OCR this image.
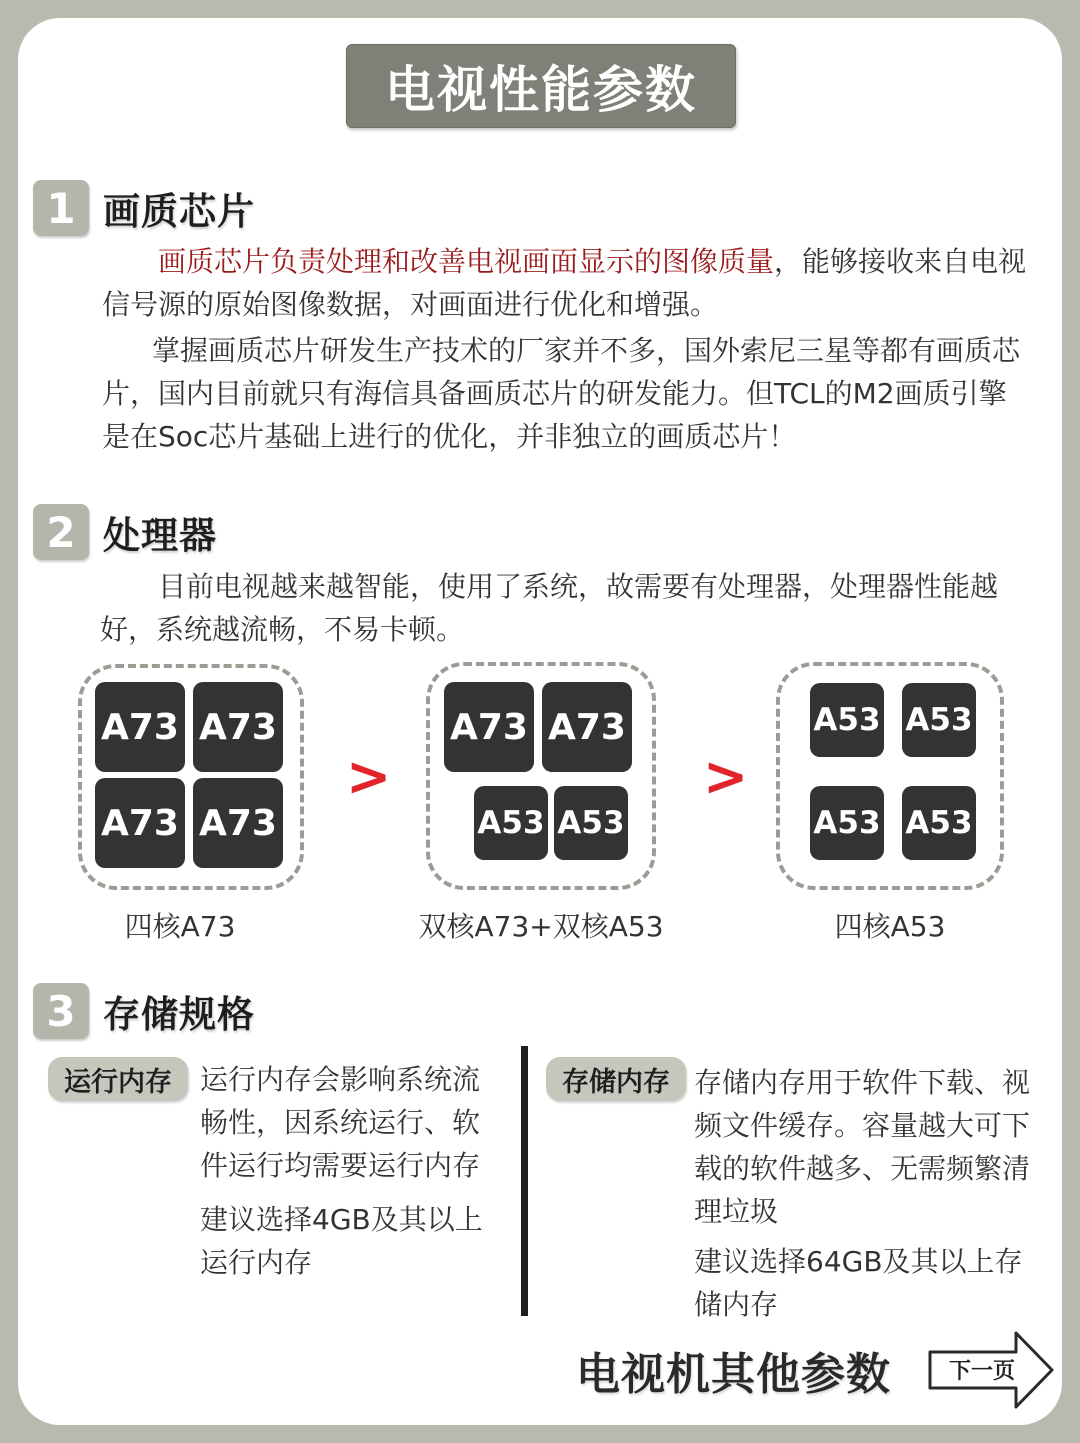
电视性能参数
1 画质芯片
画质芯片负责处理和改善电视画面显示的图像质量，能够接收来自电视信号源的原始图像数据，对画面进行优化和增强。
掌握画质芯片研发生产技术的厂家并不多，国外索尼三星等都有画质芯片，国内目前就只有海信具备画质芯片的研发能力。但TCL的M2画质引擎是在Soc芯片基础上进行的优化，并非独立的画质芯片！
2 处理器
目前电视越来越智能，使用了系统，故需要有处理器，处理器性能越好，系统越流畅，不易卡顿。
A73 A73
A73 A73
四核A73
>
A73 A73
A53 A53
双核A73+双核A53
>
A53 A53
A53 A53
四核A53
3 存储规格
运行内存	运行内存会影响系统流畅性，因系统运行、软件运行均需要运行内存
建议选择4GB及其以上运行内存
存储内存 存储内存用于软件下载、视频文件缓存。容量越大可下载的软件越多、无需频繁清理垃圾
建议选择64GB及其以上存储内存
电视机其他参数	下一页
